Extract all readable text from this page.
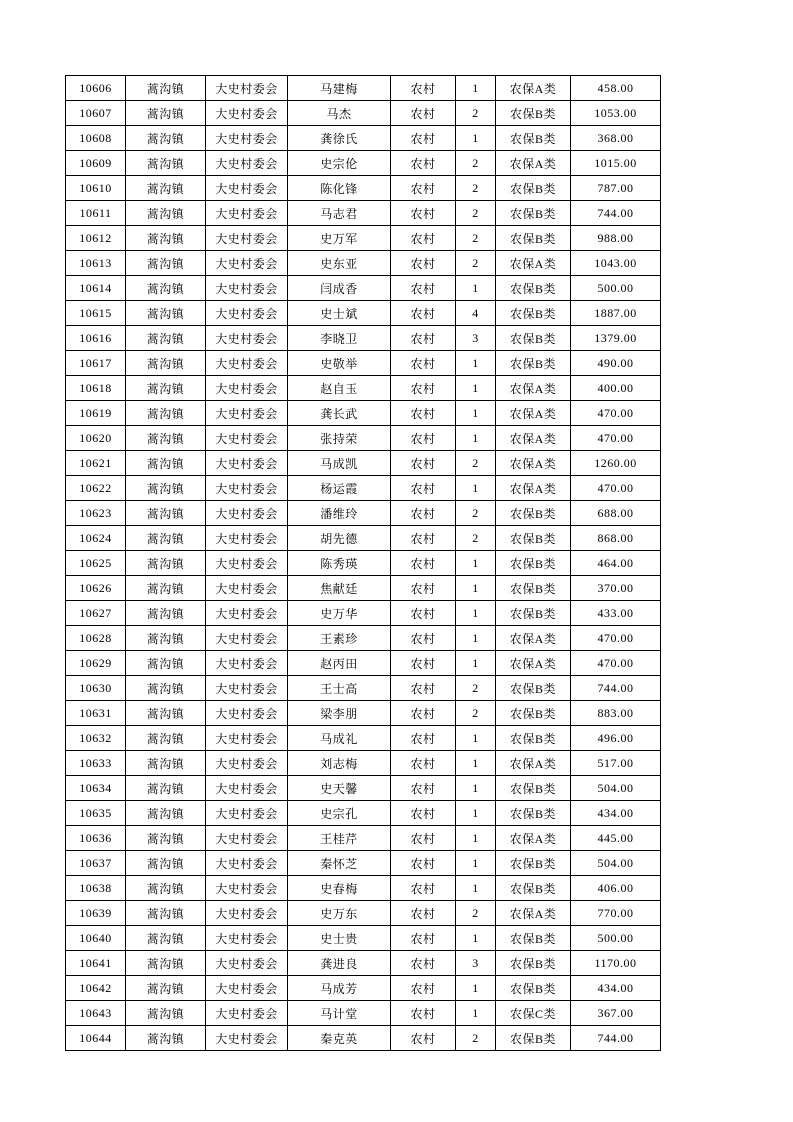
10606	蒿沟镇	大史村委会	马建梅	农村	1	农保A类	458.00
10607	蒿沟镇	大史村委会	马杰	农村	2	农保B类	1053.00
10608	蒿沟镇	大史村委会	龚徐氏	农村	1	农保B类	368.00
10609	蒿沟镇	大史村委会	史宗伦	农村	2	农保A类	1015.00
10610	蒿沟镇	大史村委会	陈化锋	农村	2	农保B类	787.00
10611	蒿沟镇	大史村委会	马志君	农村	2	农保B类	744.00
10612	蒿沟镇	大史村委会	史万军	农村	2	农保B类	988.00
10613	蒿沟镇	大史村委会	史东亚	农村	2	农保A类	1043.00
10614	蒿沟镇	大史村委会	闫成香	农村	1	农保B类	500.00
10615	蒿沟镇	大史村委会	史士斌	农村	4	农保B类	1887.00
10616	蒿沟镇	大史村委会	李晓卫	农村	3	农保B类	1379.00
10617	蒿沟镇	大史村委会	史敬举	农村	1	农保B类	490.00
10618	蒿沟镇	大史村委会	赵自玉	农村	1	农保A类	400.00
10619	蒿沟镇	大史村委会	龚长武	农村	1	农保A类	470.00
10620	蒿沟镇	大史村委会	张持荣	农村	1	农保A类	470.00
10621	蒿沟镇	大史村委会	马成凯	农村	2	农保A类	1260.00
10622	蒿沟镇	大史村委会	杨运霞	农村	1	农保A类	470.00
10623	蒿沟镇	大史村委会	潘维玲	农村	2	农保B类	688.00
10624	蒿沟镇	大史村委会	胡先德	农村	2	农保B类	868.00
10625	蒿沟镇	大史村委会	陈秀瑛	农村	1	农保B类	464.00
10626	蒿沟镇	大史村委会	焦献廷	农村	1	农保B类	370.00
10627	蒿沟镇	大史村委会	史万华	农村	1	农保B类	433.00
10628	蒿沟镇	大史村委会	王素珍	农村	1	农保A类	470.00
10629	蒿沟镇	大史村委会	赵丙田	农村	1	农保A类	470.00
10630	蒿沟镇	大史村委会	王士高	农村	2	农保B类	744.00
10631	蒿沟镇	大史村委会	梁李朋	农村	2	农保B类	883.00
10632	蒿沟镇	大史村委会	马成礼	农村	1	农保B类	496.00
10633	蒿沟镇	大史村委会	刘志梅	农村	1	农保A类	517.00
10634	蒿沟镇	大史村委会	史天馨	农村	1	农保B类	504.00
10635	蒿沟镇	大史村委会	史宗孔	农村	1	农保B类	434.00
10636	蒿沟镇	大史村委会	王桂芹	农村	1	农保A类	445.00
10637	蒿沟镇	大史村委会	秦怀芝	农村	1	农保B类	504.00
10638	蒿沟镇	大史村委会	史春梅	农村	1	农保B类	406.00
10639	蒿沟镇	大史村委会	史万东	农村	2	农保A类	770.00
10640	蒿沟镇	大史村委会	史士贵	农村	1	农保B类	500.00
10641	蒿沟镇	大史村委会	龚进良	农村	3	农保B类	1170.00
10642	蒿沟镇	大史村委会	马成芳	农村	1	农保B类	434.00
10643	蒿沟镇	大史村委会	马计堂	农村	1	农保C类	367.00
10644	蒿沟镇	大史村委会	秦克英	农村	2	农保B类	744.00
